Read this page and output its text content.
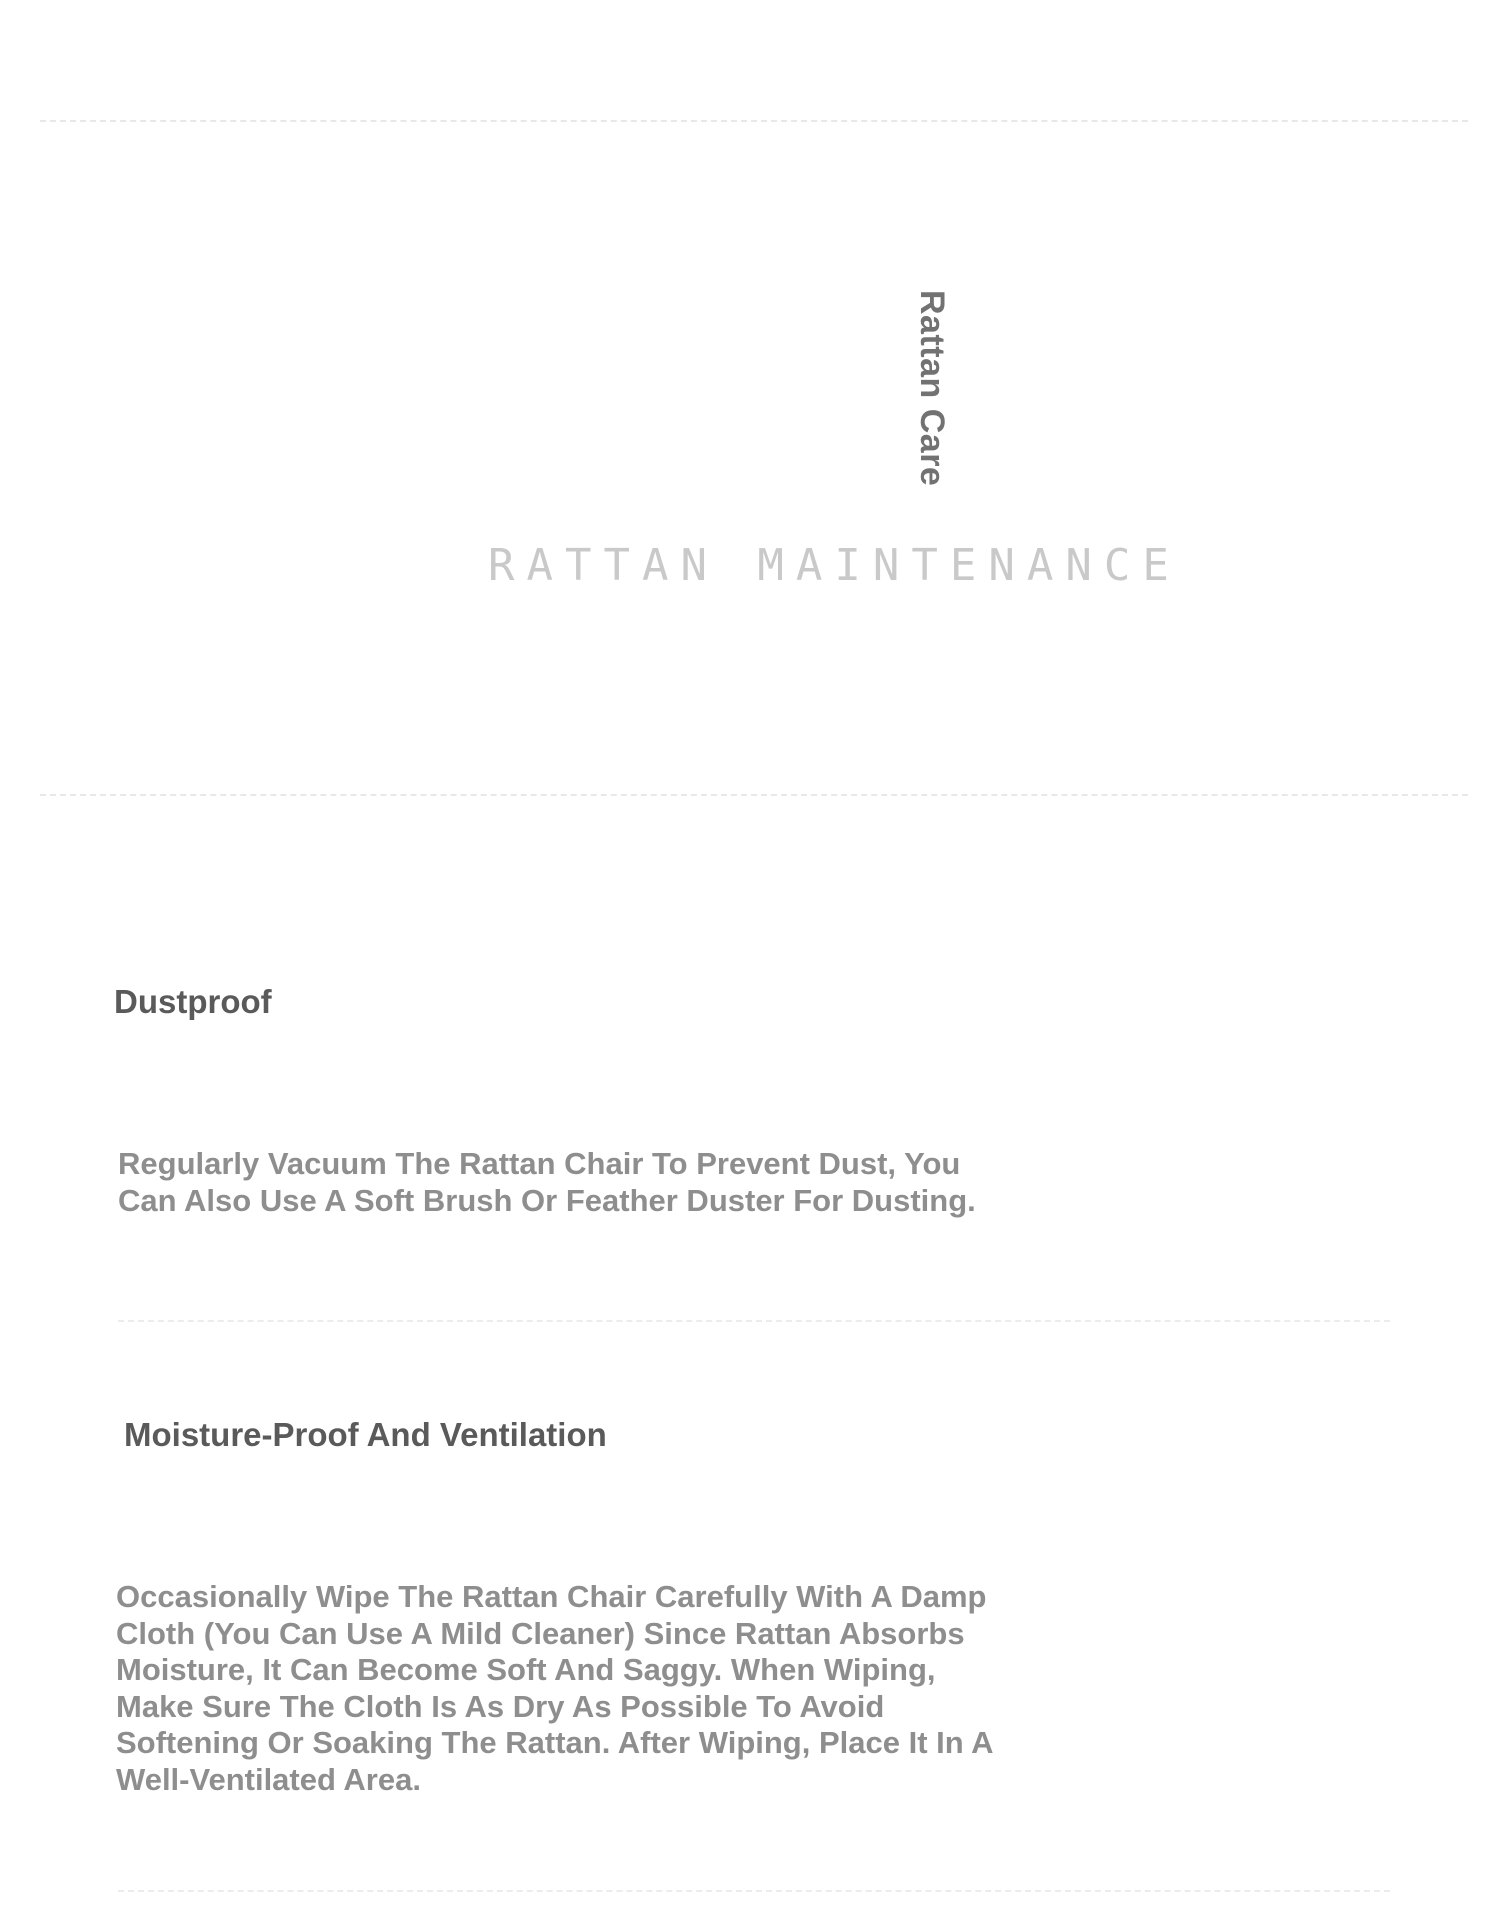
Rattan Care
RATTAN MAINTENANCE
Dustproof
Regularly Vacuum The Rattan Chair To Prevent Dust, You Can Also Use A Soft Brush Or Feather Duster For Dusting.
Moisture-Proof And Ventilation
Occasionally Wipe The Rattan Chair Carefully With A Damp Cloth (You Can Use A Mild Cleaner) Since Rattan Absorbs Moisture, It Can Become Soft And Saggy. When Wiping, Make Sure The Cloth Is As Dry As Possible To Avoid Softening Or Soaking The Rattan. After Wiping, Place It In A Well-Ventilated Area.
